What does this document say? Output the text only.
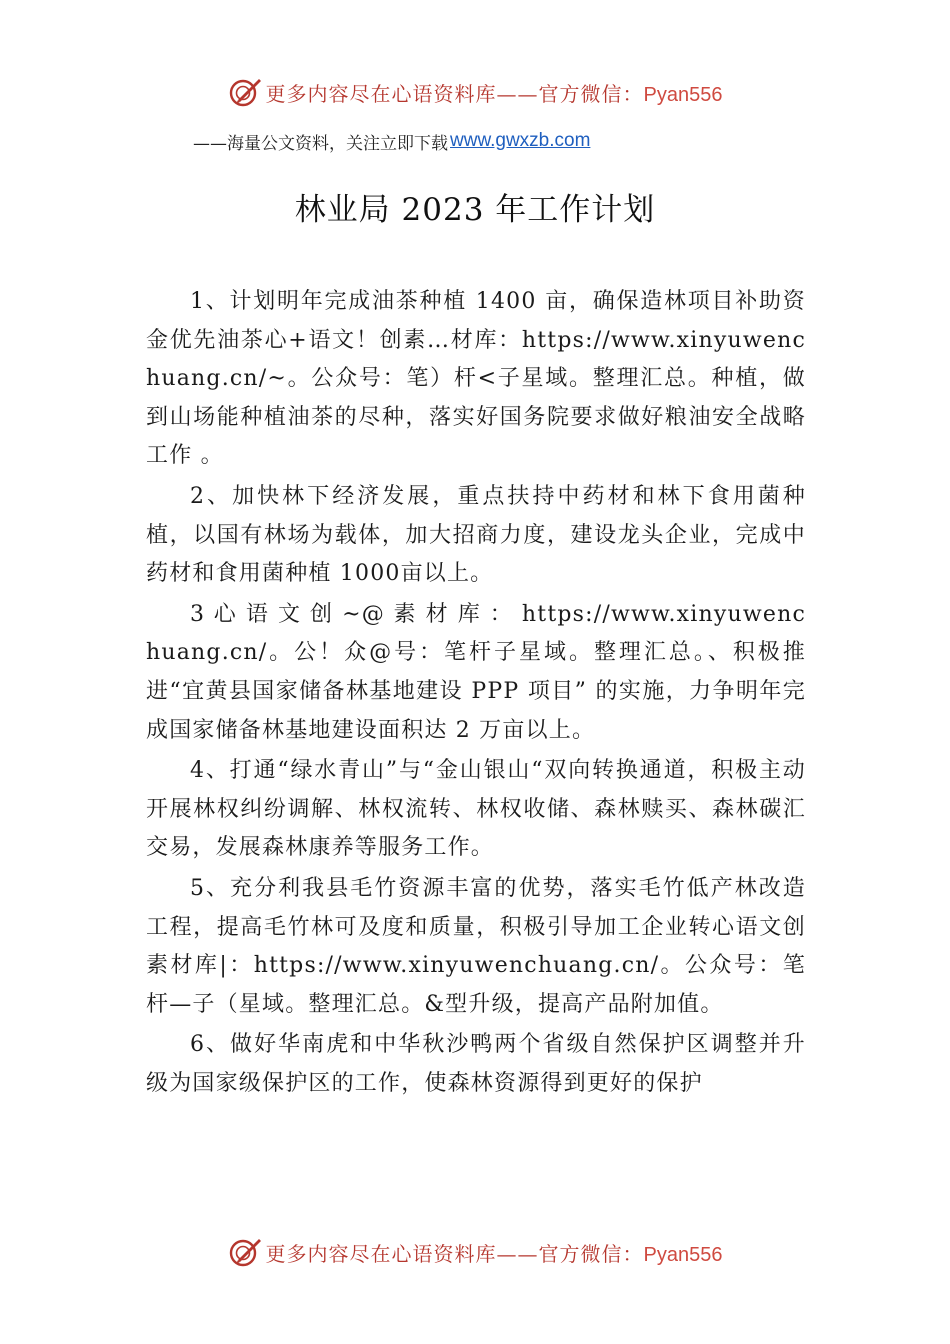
更多内容尽在心语资料库——官方微信：Pyan556
——海量公文资料，关注立即下载 www.gwxzb.com
林业局 2023 年工作计划

1、计划明年完成油茶种植 1400 亩，确保造林项目补助资金优先油茶心+语文！创素…材库：https://www.xinyuwenchuang.cn/~。公众号：笔）杆<子星域。整理汇总。种植，做到山场能种植油茶的尽种，落实好国务院要求做好粮油安全战略工作 。

2、加快林下经济发展，重点扶持中药材和林下食用菌种植，以国有林场为载体，加大招商力度，建设龙头企业，完成中药材和食用菌种植 1000亩以上。

3 心 语 文 创 ~@ 素 材 库 ： https://www.xinyuwenchuang.cn/。公！众@号：笔杆子星域。整理汇总。、积极推进“宜黄县国家储备林基地建设 PPP 项目” 的实施，力争明年完成国家储备林基地建设面积达 2 万亩以上。

4、打通“绿水青山”与“金山银山“双向转换通道，积极主动开展林权纠纷调解、林权流转、林权收储、森林赎买、森林碳汇交易，发展森林康养等服务工作。

5、充分利我县毛竹资源丰富的优势，落实毛竹低产林改造工程，提高毛竹林可及度和质量，积极引导加工企业转心语文创素材库|：https://www.xinyuwenchuang.cn/。公众号：笔杆—子（星域。整理汇总。&型升级，提高产品附加值。

6、做好华南虎和中华秋沙鸭两个省级自然保护区调整并升级为国家级保护区的工作，使森林资源得到更好的保护

更多内容尽在心语资料库——官方微信：Pyan556
